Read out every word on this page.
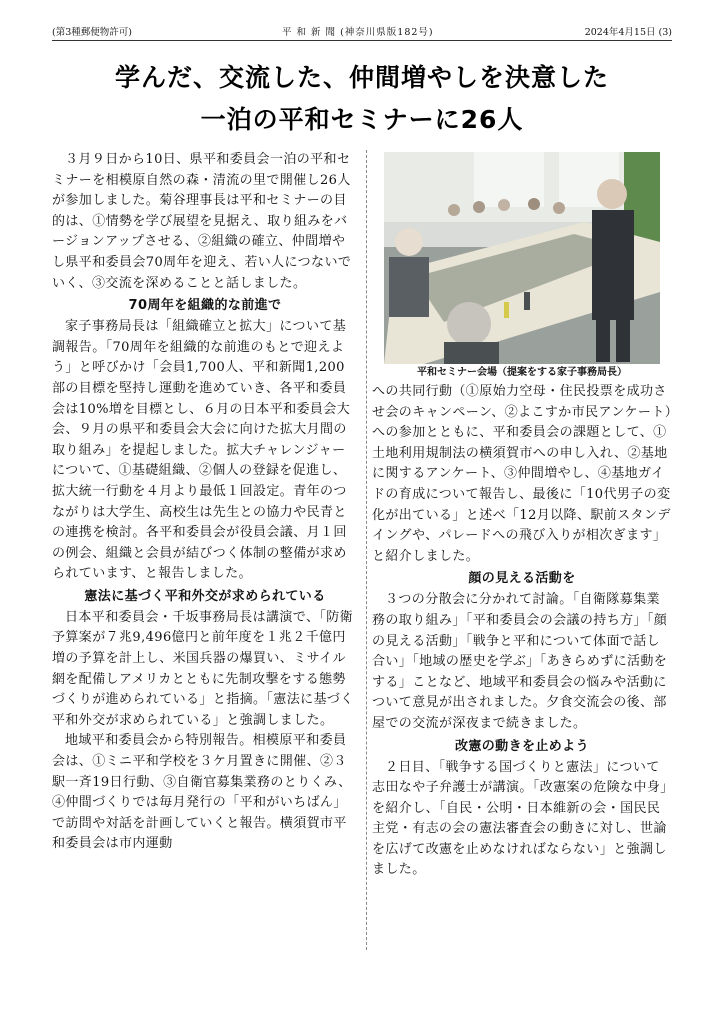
(第3種郵便物許可)	平 和 新 聞 (神奈川県版182号)	2024年4月15日 (3)
学んだ、交流した、仲間増やしを決意した
一泊の平和セミナーに26人

３月９日から10日、県平和委員会一泊の平和セミナーを相模原自然の森・清流の里で開催し26人が参加しました。菊谷理事長は平和セミナーの目的は、①情勢を学び展望を見据え、取り組みをバージョンアップさせる、②組織の確立、仲間増やし県平和委員会70周年を迎え、若い人につないでいく、③交流を深めることと話しました。

70周年を組織的な前進で

家子事務局長は「組織確立と拡大」について基調報告。「70周年を組織的な前進のもとで迎えよう」と呼びかけ「会員1,700人、平和新聞1,200部の目標を堅持し運動を進めていき、各平和委員会は10%増を目標とし、６月の日本平和委員会大会、９月の県平和委員会大会に向けた拡大月間の取り組み」を提起しました。拡大チャレンジャーについて、①基礎組織、②個人の登録を促進し、拡大統一行動を４月より最低１回設定。青年のつながりは大学生、高校生は先生との協力や民青との連携を検討。各平和委員会が役員会議、月１回の例会、組織と会員が結びつく体制の整備が求められています、と報告しました。

憲法に基づく平和外交が求められている

日本平和委員会・千坂事務局長は講演で、「防衛予算案が７兆9,496億円と前年度を１兆２千億円増の予算を計上し、米国兵器の爆買い、ミサイル網を配備しアメリカとともに先制攻撃をする態勢づくりが進められている」と指摘。「憲法に基づく平和外交が求められている」と強調しました。

地域平和委員会から特別報告。相模原平和委員会は、①ミニ平和学校を３ケ月置きに開催、②３駅一斉19日行動、③自衛官募集業務のとりくみ、④仲間づくりでは毎月発行の「平和がいちばん」で訪問や対話を計画していくと報告。横須賀市平和委員会は市内運動

平和セミナー会場（提案をする家子事務局長）

への共同行動（①原始力空母・住民投票を成功させ会のキャンペーン、②よこすか市民アンケート）への参加とともに、平和委員会の課題として、①土地利用規制法の横須賀市への申し入れ、②基地に関するアンケート、③仲間増やし、④基地ガイドの育成について報告し、最後に「10代男子の変化が出ている」と述べ「12月以降、駅前スタンデイングや、パレードへの飛び入りが相次ぎます」と紹介しました。

顔の見える活動を

３つの分散会に分かれて討論。「自衛隊募集業務の取り組み」「平和委員会の会議の持ち方」「顔の見える活動」「戦争と平和について体面で話し合い」「地域の歴史を学ぶ」「あきらめずに活動をする」ことなど、地域平和委員会の悩みや活動について意見が出されました。夕食交流会の後、部屋での交流が深夜まで続きました。

改憲の動きを止めよう

２日目、「戦争する国づくりと憲法」について志田なや子弁護士が講演。「改憲案の危険な中身」を紹介し、「自民・公明・日本維新の会・国民民主党・有志の会の憲法審査会の動きに対し、世論を広げて改憲を止めなければならない」と強調しました。
